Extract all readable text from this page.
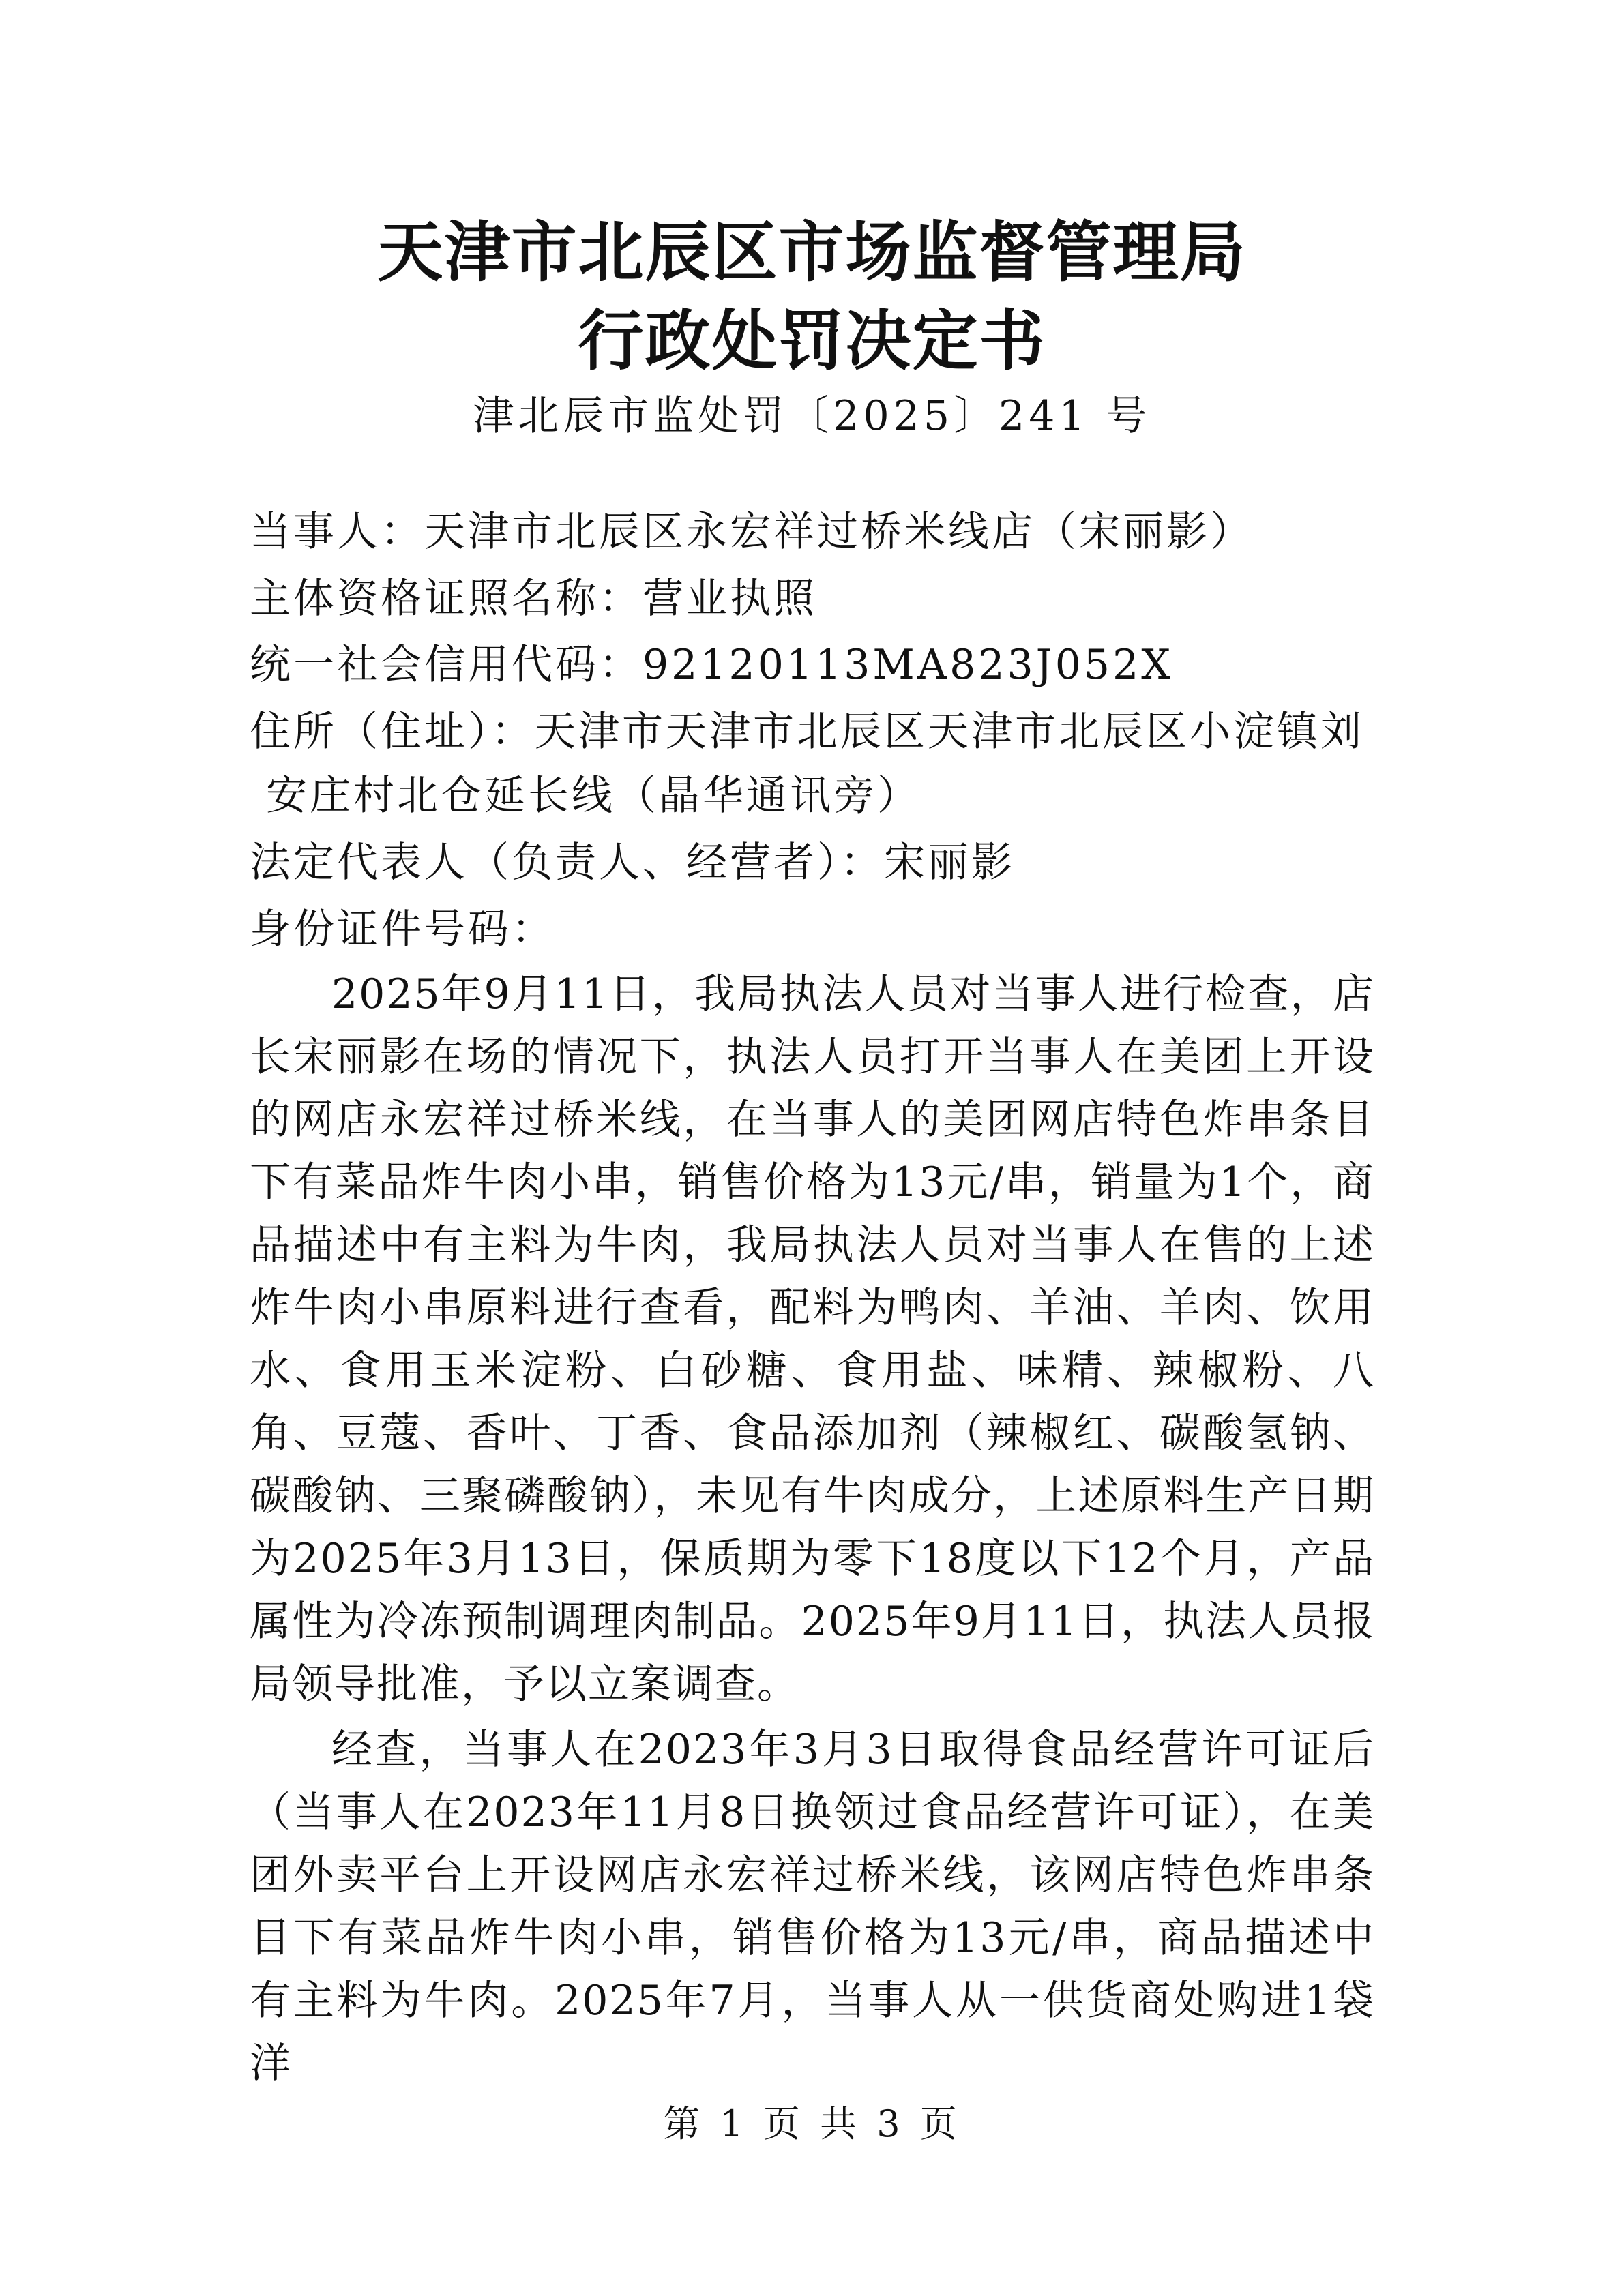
天津市北辰区市场监督管理局

行政处罚决定书

津北辰市监处罚〔2025〕241 号

当事人：天津市北辰区永宏祥过桥米线店（宋丽影）

主体资格证照名称：营业执照

统一社会信用代码：92120113MA823J052X

住所（住址）：天津市天津市北辰区天津市北辰区小淀镇刘

安庄村北仓延长线（晶华通讯旁）

法定代表人（负责人、经营者）：宋丽影

身份证件号码：

2025年9月11日，我局执法人员对当事人进行检查，店长宋丽影在场的情况下，执法人员打开当事人在美团上开设的网店永宏祥过桥米线，在当事人的美团网店特色炸串条目下有菜品炸牛肉小串，销售价格为13元/串，销量为1个，商品描述中有主料为牛肉，我局执法人员对当事人在售的上述炸牛肉小串原料进行查看，配料为鸭肉、羊油、羊肉、饮用水、食用玉米淀粉、白砂糖、食用盐、味精、辣椒粉、八角、豆蔻、香叶、丁香、食品添加剂（辣椒红、碳酸氢钠、碳酸钠、三聚磷酸钠），未见有牛肉成分，上述原料生产日期为2025年3月13日，保质期为零下18度以下12个月，产品属性为冷冻预制调理肉制品。2025年9月11日，执法人员报局领导批准，予以立案调查。

经查，当事人在2023年3月3日取得食品经营许可证后（当事人在2023年11月8日换领过食品经营许可证），在美团外卖平台上开设网店永宏祥过桥米线，该网店特色炸串条目下有菜品炸牛肉小串，销售价格为13元/串，商品描述中有主料为牛肉。2025年7月，当事人从一供货商处购进1袋洋

第 1 页 共 3 页
